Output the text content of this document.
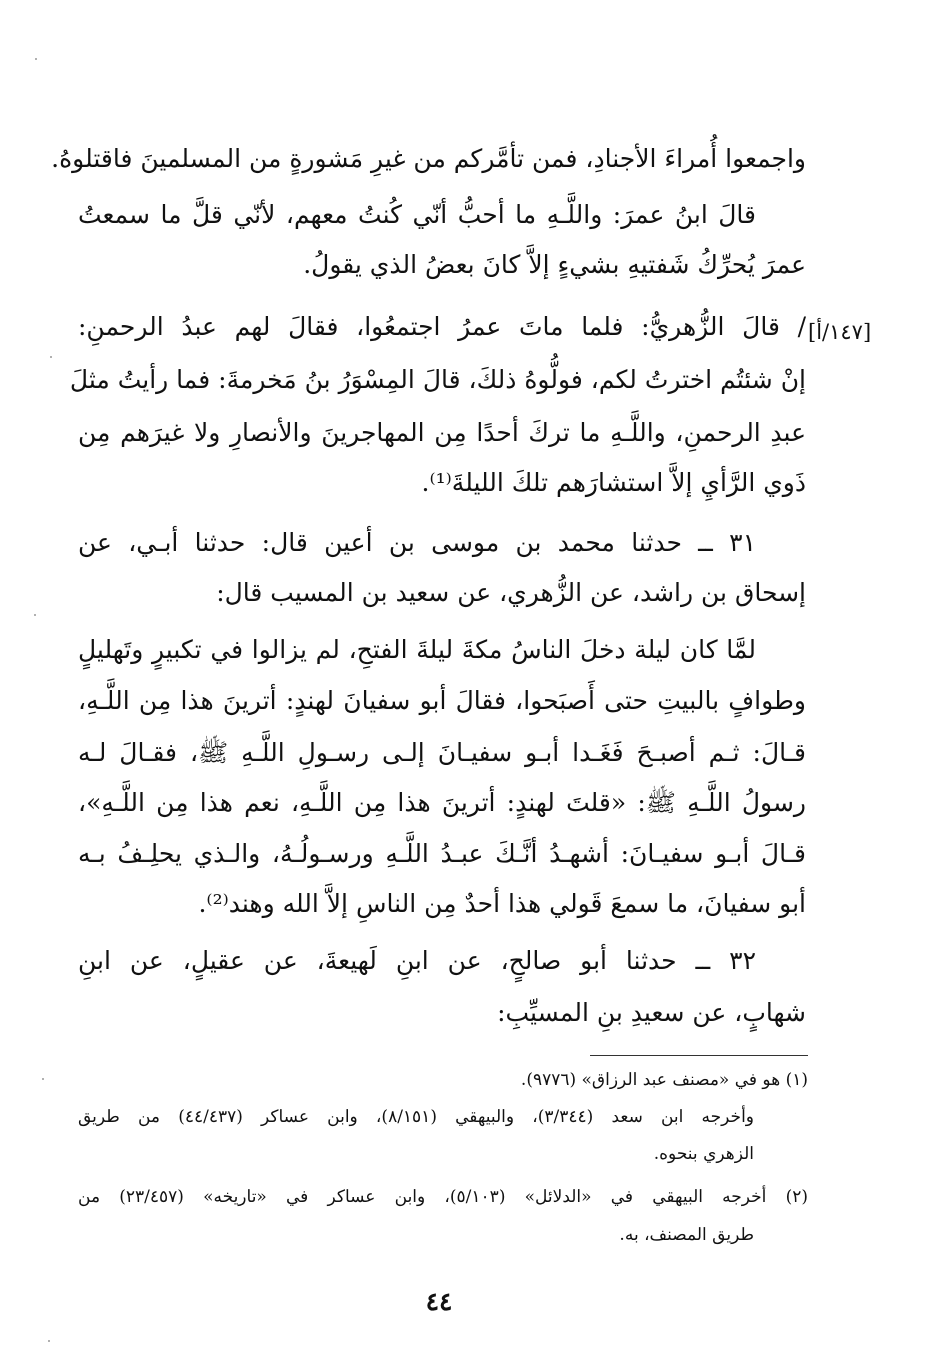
واجمعوا أُمراءَ الأجنادِ، فمن تأمَّركم من غيرِ مَشورةٍ من المسلمينَ فاقتلوهُ.
قالَ ابنُ عمرَ: واللَّـهِ ما أحبُّ أنّي كُنتُ معهم، لأنّي قلَّ ما سمعتُ
عمرَ يُحرِّكُ شَفتيهِ بشيءٍ إلاَّ كانَ بعضُ الذي يقولُ.
[١٤٧/أ]
/ قالَ الزُّهريُّ: فلما ماتَ عمرُ اجتمعُوا، فقالَ لهم عبدُ الرحمنِ:
إنْ شئتُم اخترتُ لكم، فولُّوهُ ذلكَ، قالَ المِسْوَرُ بنُ مَخرمةَ: فما رأيتُ مثلَ
عبدِ الرحمنِ، واللَّـهِ ما تركَ أحدًا مِن المهاجرينَ والأنصارِ ولا غيرَهم مِن
ذَوي الرَّأيِ إلاَّ استشارَهم تلكَ الليلةَ⁽¹⁾.
٣١ ــ حدثنا محمد بن موسى بن أعين قال: حدثنا أبـي، عن
إسحاق بن راشد، عن الزُّهري، عن سعيد بن المسيب قال:
لمَّا كان ليلة دخلَ الناسُ مكةَ ليلةَ الفتحِ، لم يزالوا في تكبيرٍ وتَهليلٍ
وطوافٍ بالبيتِ حتى أَصبَحوا، فقالَ أبو سفيانَ لهندٍ: أترينَ هذا مِن اللَّـهِ،
قـالَ: ثـم أصبـحَ فَغَـدا أبـو سفيـانَ إلـى رسـولِ اللَّـهِ ﷺ، فقـالَ لـه
رسولُ اللَّـهِ ﷺ: «قلتَ لهندٍ: أترينَ هذا مِن اللَّـهِ، نعم هذا مِن اللَّـهِ»،
قـالَ أبـو سفيـانَ: أشهـدُ أنَّـكَ عبـدُ اللَّـهِ ورسـولُـهُ، والـذي يحلِـفُ بـه
أبو سفيانَ، ما سمعَ قَولي هذا أحدٌ مِن الناسِ إلاَّ الله وهند⁽²⁾.
٣٢ ــ حدثنا أبو صالحٍ، عن ابنِ لَهيعةَ، عن عقيلٍ، عن ابنِ
شهابٍ، عن سعيدِ بنِ المسيِّبِ:
(١) هو في «مصنف عبد الرزاق» (٩٧٧٦).
وأخرجه ابن سعد (٣/٣٤٤)، والبيهقي (٨/١٥١)، وابن عساكر (٤٤/٤٣٧) من طريق
الزهري بنحوه.
(٢) أخرجه البيهقي في «الدلائل» (٥/١٠٣)، وابن عساكر في «تاريخه» (٢٣/٤٥٧) من
طريق المصنف، به.
٤٤
